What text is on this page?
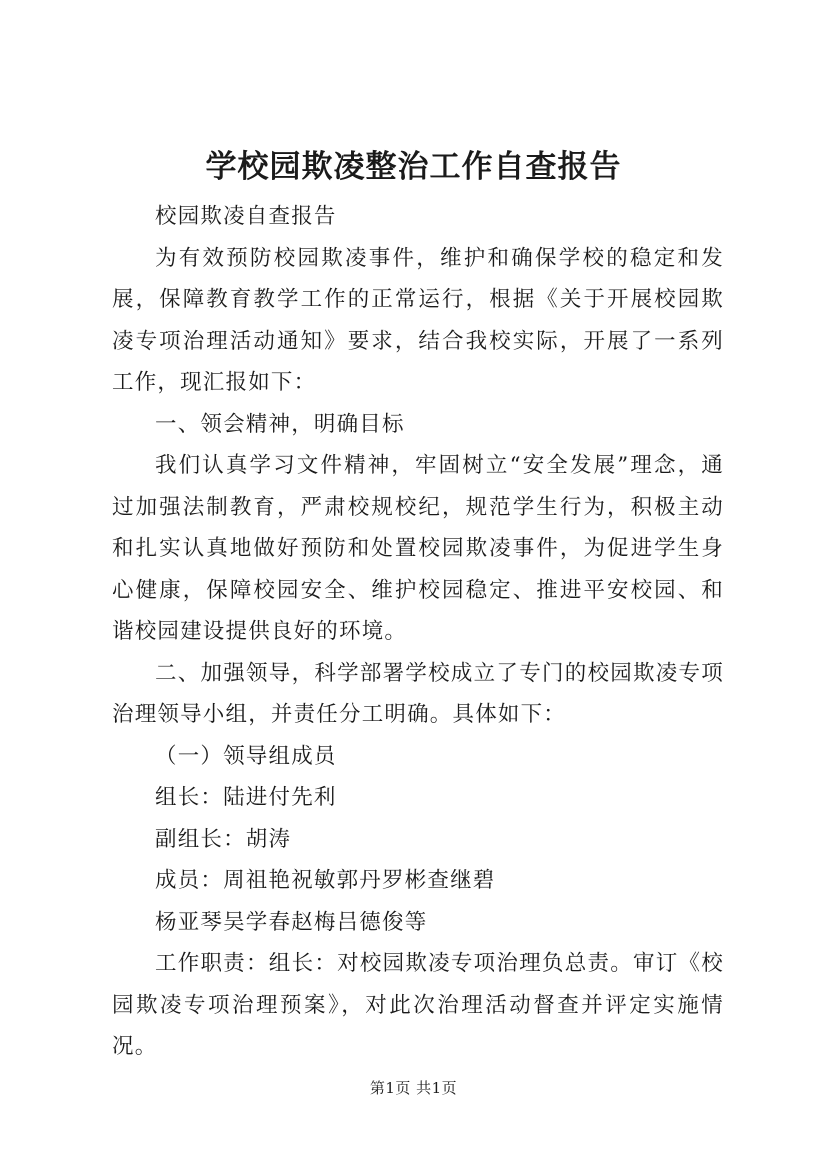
学校园欺凌整治工作自查报告

校园欺凌自查报告

为有效预防校园欺凌事件，维护和确保学校的稳定和发展，保障教育教学工作的正常运行，根据《关于开展校园欺凌专项治理活动通知》要求，结合我校实际，开展了一系列工作，现汇报如下：

一、领会精神，明确目标

我们认真学习文件精神，牢固树立“安全发展”理念，通过加强法制教育，严肃校规校纪，规范学生行为，积极主动和扎实认真地做好预防和处置校园欺凌事件，为促进学生身心健康，保障校园安全、维护校园稳定、推进平安校园、和谐校园建设提供良好的环境。

二、加强领导，科学部署学校成立了专门的校园欺凌专项治理领导小组，并责任分工明确。具体如下：

（一）领导组成员

组长：陆进付先利

副组长：胡涛

成员：周祖艳祝敏郭丹罗彬查继碧

杨亚琴吴学春赵梅吕德俊等

工作职责：组长：对校园欺凌专项治理负总责。审订《校园欺凌专项治理预案》，对此次治理活动督查并评定实施情况。

第1页 共1页
